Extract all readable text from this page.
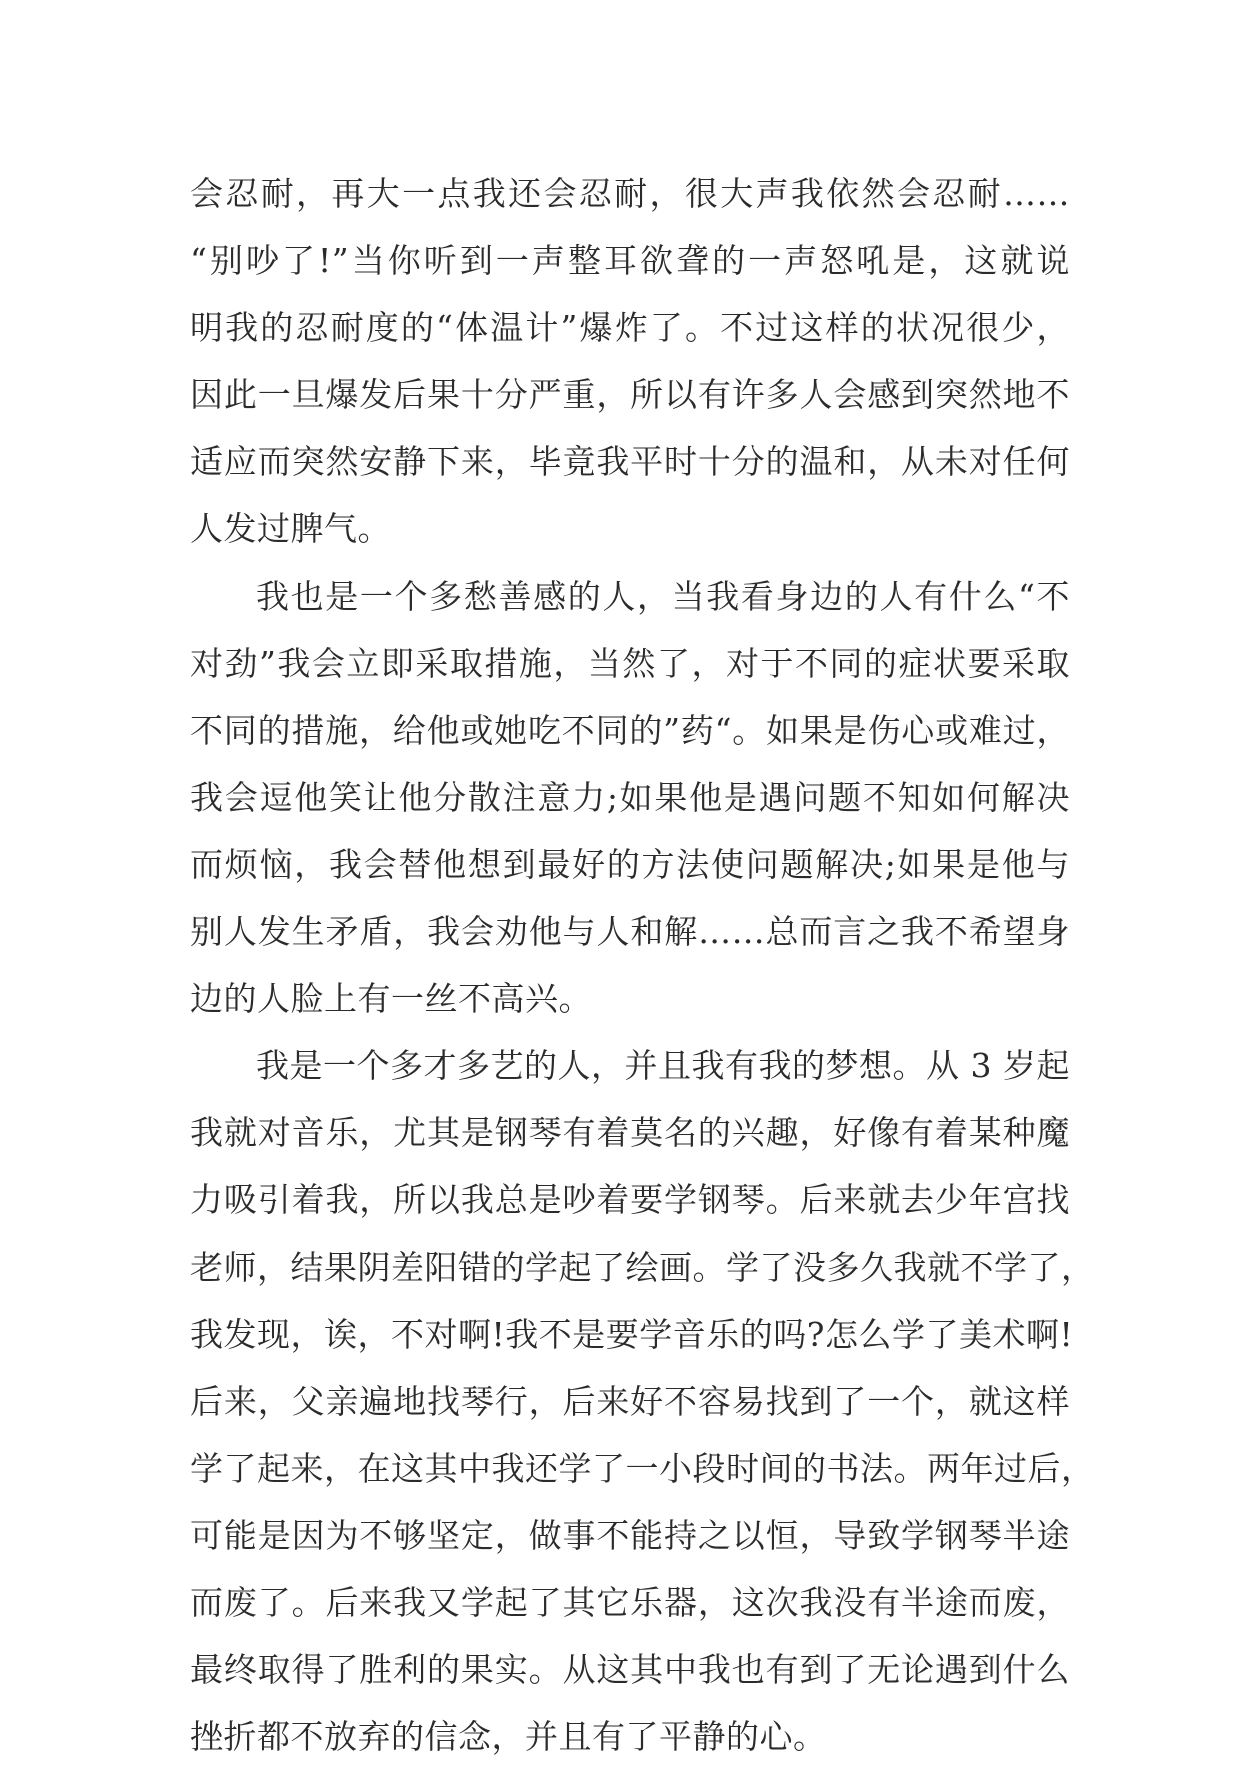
会忍耐，再大一点我还会忍耐，很大声我依然会忍耐……
“别吵了!”当你听到一声整耳欲聋的一声怒吼是，这就说
明我的忍耐度的“体温计”爆炸了。不过这样的状况很少，
因此一旦爆发后果十分严重，所以有许多人会感到突然地不
适应而突然安静下来，毕竟我平时十分的温和，从未对任何
人发过脾气。
我也是一个多愁善感的人，当我看身边的人有什么“不
对劲”我会立即采取措施，当然了，对于不同的症状要采取
不同的措施，给他或她吃不同的”药“。如果是伤心或难过，
我会逗他笑让他分散注意力;如果他是遇问题不知如何解决
而烦恼，我会替他想到最好的方法使问题解决;如果是他与
别人发生矛盾，我会劝他与人和解……总而言之我不希望身
边的人脸上有一丝不高兴。
我是一个多才多艺的人，并且我有我的梦想。从 3 岁起
我就对音乐，尤其是钢琴有着莫名的兴趣，好像有着某种魔
力吸引着我，所以我总是吵着要学钢琴。后来就去少年宫找
老师，结果阴差阳错的学起了绘画。学了没多久我就不学了，
我发现，诶，不对啊!我不是要学音乐的吗?怎么学了美术啊!
后来，父亲遍地找琴行，后来好不容易找到了一个，就这样
学了起来，在这其中我还学了一小段时间的书法。两年过后，
可能是因为不够坚定，做事不能持之以恒，导致学钢琴半途
而废了。后来我又学起了其它乐器，这次我没有半途而废，
最终取得了胜利的果实。从这其中我也有到了无论遇到什么
挫折都不放弃的信念，并且有了平静的心。
